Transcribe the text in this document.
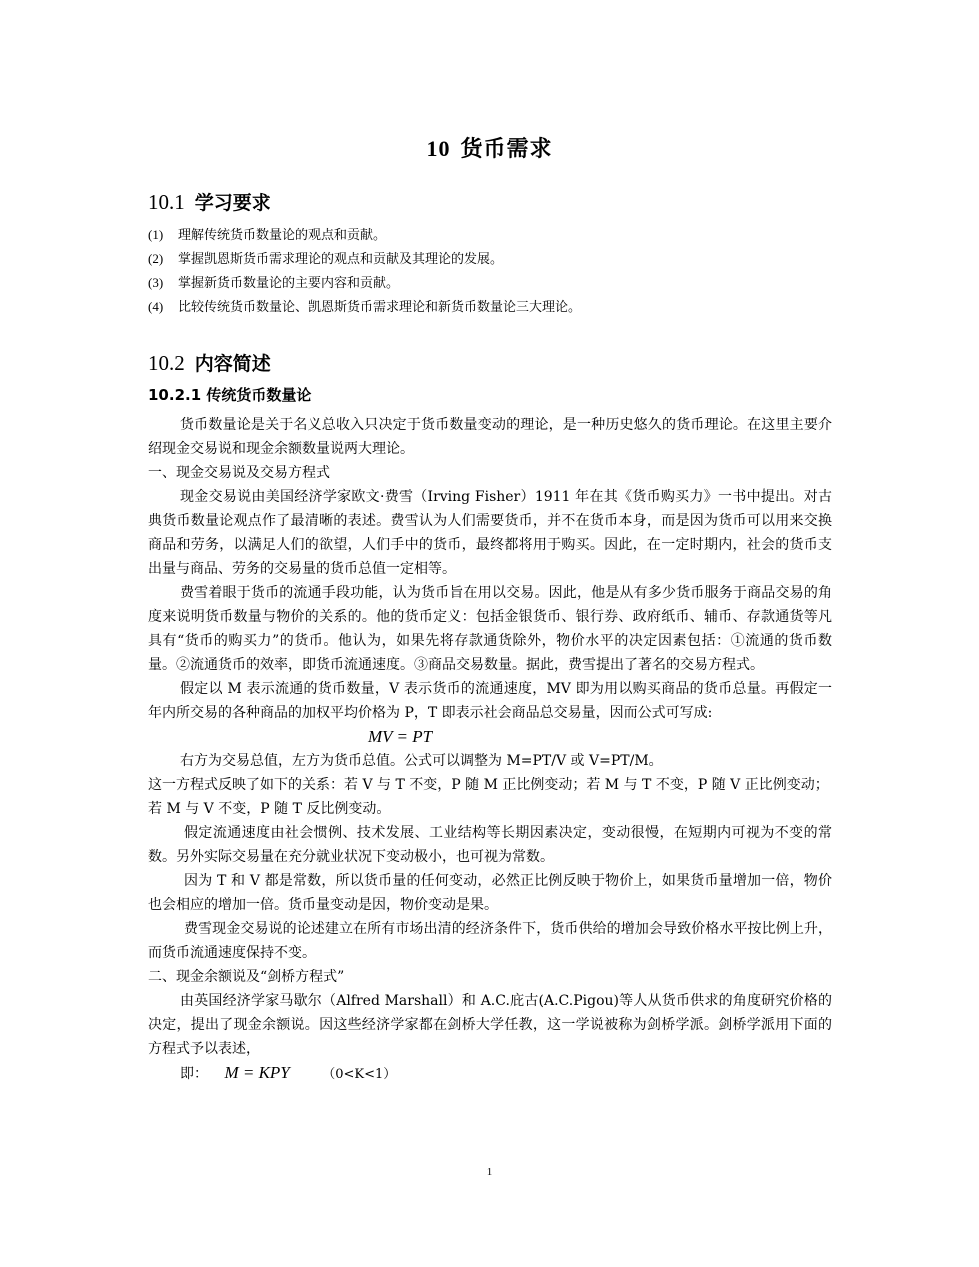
10 货币需求
10.1 学习要求
(1) 理解传统货币数量论的观点和贡献。
(2) 掌握凯恩斯货币需求理论的观点和贡献及其理论的发展。
(3) 掌握新货币数量论的主要内容和贡献。
(4) 比较传统货币数量论、凯恩斯货币需求理论和新货币数量论三大理论。
10.2 内容简述
10.2.1 传统货币数量论

货币数量论是关于名义总收入只决定于货币数量变动的理论，是一种历史悠久的货币理论。在这里主要介绍现金交易说和现金余额数量说两大理论。

一、现金交易说及交易方程式

现金交易说由美国经济学家欧文·费雪（Irving Fisher）1911 年在其《货币购买力》一书中提出。对古典货币数量论观点作了最清晰的表述。费雪认为人们需要货币，并不在货币本身，而是因为货币可以用来交换商品和劳务，以满足人们的欲望，人们手中的货币，最终都将用于购买。因此，在一定时期内，社会的货币支出量与商品、劳务的交易量的货币总值一定相等。

费雪着眼于货币的流通手段功能，认为货币旨在用以交易。因此，他是从有多少货币服务于商品交易的角度来说明货币数量与物价的关系的。他的货币定义：包括金银货币、银行券、政府纸币、辅币、存款通货等凡具有“货币的购买力”的货币。他认为，如果先将存款通货除外，物价水平的决定因素包括：①流通的货币数量。②流通货币的效率，即货币流通速度。③商品交易数量。据此，费雪提出了著名的交易方程式。

假定以 M 表示流通的货币数量，V 表示货币的流通速度，MV 即为用以购买商品的货币总量。再假定一年内所交易的各种商品的加权平均价格为 P，T 即表示社会商品总交易量，因而公式可写成:

MV = PT

右方为交易总值，左方为货币总值。公式可以调整为 M=PT/V 或 V=PT/M。

这一方程式反映了如下的关系：若 V 与 T 不变，P 随 M 正比例变动；若 M 与 T 不变，P 随 V 正比例变动；若 M 与 V 不变，P 随 T 反比例变动。

假定流通速度由社会惯例、技术发展、工业结构等长期因素决定，变动很慢，在短期内可视为不变的常数。另外实际交易量在充分就业状况下变动极小，也可视为常数。

因为 T 和 V 都是常数，所以货币量的任何变动，必然正比例反映于物价上，如果货币量增加一倍，物价也会相应的增加一倍。货币量变动是因，物价变动是果。

费雪现金交易说的论述建立在所有市场出清的经济条件下，货币供给的增加会导致价格水平按比例上升，而货币流通速度保持不变。

二、现金余额说及“剑桥方程式”

由英国经济学家马歇尔（Alfred Marshall）和 A.C.庇古(A.C.Pigou)等人从货币供求的角度研究价格的决定，提出了现金余额说。因这些经济学家都在剑桥大学任教，这一学说被称为剑桥学派。剑桥学派用下面的方程式予以表述，

即： M = KPY （0<K<1）
1
